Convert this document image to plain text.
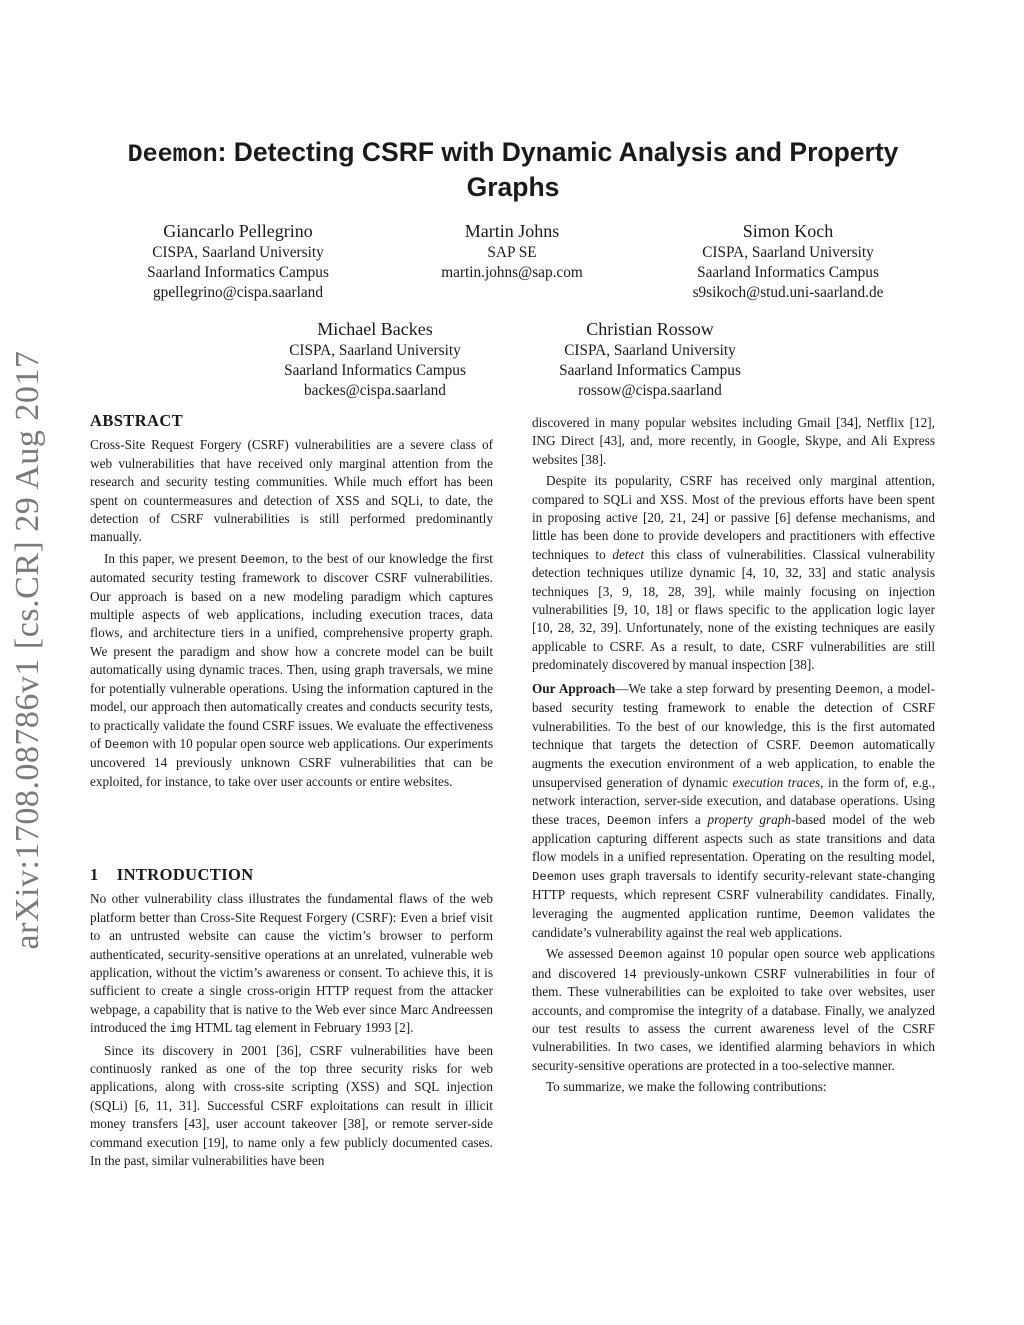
arXiv:1708.08786v1 [cs.CR] 29 Aug 2017
Deemon: Detecting CSRF with Dynamic Analysis and Property Graphs
Giancarlo Pellegrino
CISPA, Saarland University
Saarland Informatics Campus
gpellegrino@cispa.saarland
Martin Johns
SAP SE
martin.johns@sap.com
Simon Koch
CISPA, Saarland University
Saarland Informatics Campus
s9sikoch@stud.uni-saarland.de
Michael Backes
CISPA, Saarland University
Saarland Informatics Campus
backes@cispa.saarland
Christian Rossow
CISPA, Saarland University
Saarland Informatics Campus
rossow@cispa.saarland
ABSTRACT

Cross-Site Request Forgery (CSRF) vulnerabilities are a severe class of web vulnerabilities that have received only marginal attention from the research and security testing communities. While much effort has been spent on countermeasures and detection of XSS and SQLi, to date, the detection of CSRF vulnerabilities is still performed predominantly manually.

In this paper, we present Deemon, to the best of our knowledge the first automated security testing framework to discover CSRF vulnerabilities. Our approach is based on a new modeling paradigm which captures multiple aspects of web applications, including execution traces, data flows, and architecture tiers in a unified, comprehensive property graph. We present the paradigm and show how a concrete model can be built automatically using dynamic traces. Then, using graph traversals, we mine for potentially vulnerable operations. Using the information captured in the model, our approach then automatically creates and conducts security tests, to practically validate the found CSRF issues. We evaluate the effectiveness of Deemon with 10 popular open source web applications. Our experiments uncovered 14 previously unknown CSRF vulnerabilities that can be exploited, for instance, to take over user accounts or entire websites.

1    INTRODUCTION

No other vulnerability class illustrates the fundamental flaws of the web platform better than Cross-Site Request Forgery (CSRF): Even a brief visit to an untrusted website can cause the victim’s browser to perform authenticated, security-sensitive operations at an unrelated, vulnerable web application, without the victim’s awareness or consent. To achieve this, it is sufficient to create a single cross-origin HTTP request from the attacker webpage, a capability that is native to the Web ever since Marc Andreessen introduced the img HTML tag element in February 1993 [2].

Since its discovery in 2001 [36], CSRF vulnerabilities have been continuosly ranked as one of the top three security risks for web applications, along with cross-site scripting (XSS) and SQL injection (SQLi) [6, 11, 31]. Successful CSRF exploitations can result in illicit money transfers [43], user account takeover [38], or remote server-side command execution [19], to name only a few publicly documented cases. In the past, similar vulnerabilities have been

discovered in many popular websites including Gmail [34], Netflix [12], ING Direct [43], and, more recently, in Google, Skype, and Ali Express websites [38].

Despite its popularity, CSRF has received only marginal attention, compared to SQLi and XSS. Most of the previous efforts have been spent in proposing active [20, 21, 24] or passive [6] defense mechanisms, and little has been done to provide developers and practitioners with effective techniques to detect this class of vulnerabilities. Classical vulnerability detection techniques utilize dynamic [4, 10, 32, 33] and static analysis techniques [3, 9, 18, 28, 39], while mainly focusing on injection vulnerabilities [9, 10, 18] or flaws specific to the application logic layer [10, 28, 32, 39]. Unfortunately, none of the existing techniques are easily applicable to CSRF. As a result, to date, CSRF vulnerabilities are still predominately discovered by manual inspection [38].

Our Approach—We take a step forward by presenting Deemon, a model-based security testing framework to enable the detection of CSRF vulnerabilities. To the best of our knowledge, this is the first automated technique that targets the detection of CSRF. Deemon automatically augments the execution environment of a web application, to enable the unsupervised generation of dynamic execution traces, in the form of, e.g., network interaction, server-side execution, and database operations. Using these traces, Deemon infers a property graph-based model of the web application capturing different aspects such as state transitions and data flow models in a unified representation. Operating on the resulting model, Deemon uses graph traversals to identify security-relevant state-changing HTTP requests, which represent CSRF vulnerability candidates. Finally, leveraging the augmented application runtime, Deemon validates the candidate’s vulnerability against the real web applications.

We assessed Deemon against 10 popular open source web applications and discovered 14 previously-unkown CSRF vulnerabilities in four of them. These vulnerabilities can be exploited to take over websites, user accounts, and compromise the integrity of a database. Finally, we analyzed our test results to assess the current awareness level of the CSRF vulnerabilities. In two cases, we identified alarming behaviors in which security-sensitive operations are protected in a too-selective manner.

To summarize, we make the following contributions:
